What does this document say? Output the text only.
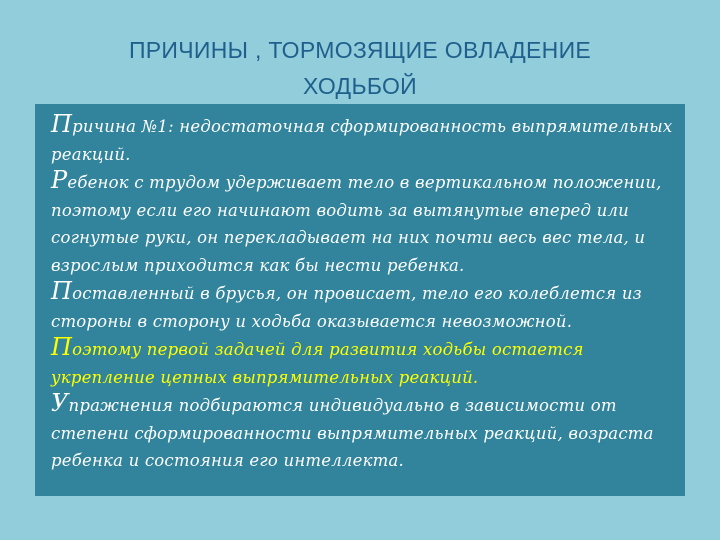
ПРИЧИНЫ , ТОРМОЗЯЩИЕ ОВЛАДЕНИЕ
ХОДЬБОЙ

Причина №1: недостаточная сформированность выпрямительных реакций.

Ребенок с трудом удерживает тело в вертикальном положении, поэтому если его начинают водить за вытянутые вперед или согнутые руки, он перекладывает на них почти весь вес тела, и взрослым приходится как бы нести ребенка.

Поставленный в брусья, он провисает, тело его колеблется из стороны в сторону и ходьба оказывается невозможной.

Поэтому первой задачей для развития ходьбы остается укрепление цепных выпрямительных реакций.

Упражнения подбираются индивидуально в зависимости от степени сформированности выпрямительных реакций, возраста ребенка и состояния его интеллекта.
